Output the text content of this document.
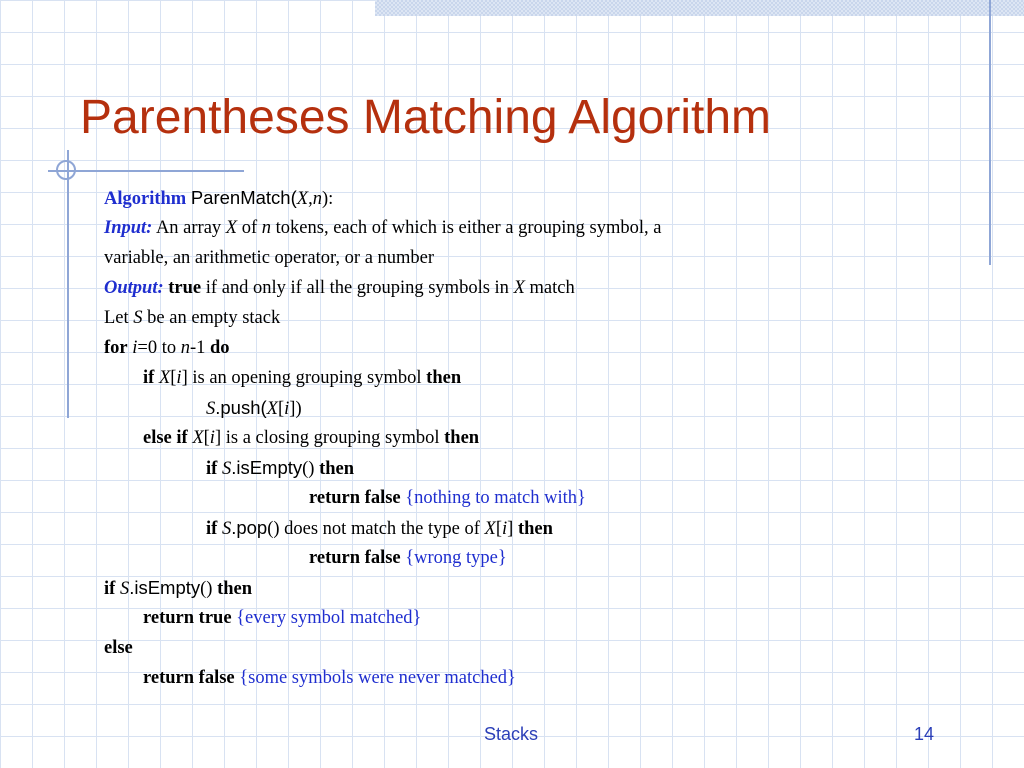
Parentheses Matching Algorithm
Algorithm ParenMatch(X,n):
Input: An array X of n tokens, each of which is either a grouping symbol, a
variable, an arithmetic operator, or a number
Output: true if and only if all the grouping symbols in X match
Let S be an empty stack
for i=0 to n-1 do
if X[i] is an opening grouping symbol then
S.push(X[i])
else if X[i] is a closing grouping symbol then
if S.isEmpty() then
return false {nothing to match with}
if S.pop() does not match the type of X[i] then
return false {wrong type}
if S.isEmpty() then
return true {every symbol matched}
else
return false {some symbols were never matched}
Stacks	14
